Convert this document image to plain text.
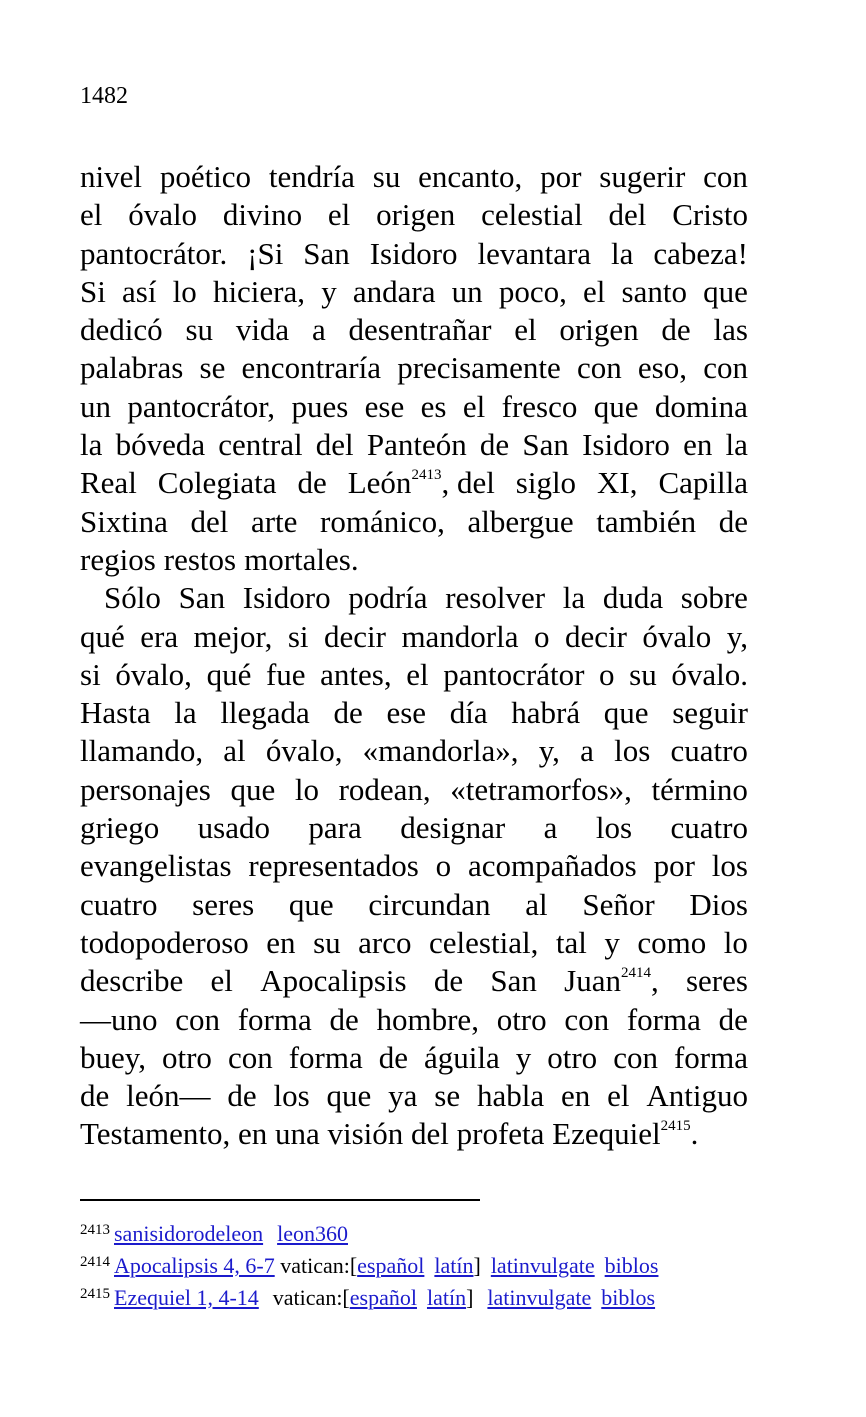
1482
nivel poético tendría su encanto, por sugerir con
el óvalo divino el origen celestial del Cristo
pantocrátor. ¡Si San Isidoro levantara la cabeza!
Si así lo hiciera, y andara un poco, el santo que
dedicó su vida a desentrañar el origen de las
palabras se encontraría precisamente con eso, con
un pantocrátor, pues ese es el fresco que domina
la bóveda central del Panteón de San Isidoro en la
Real Colegiata de León$^{2413}$, del siglo XI, Capilla
Sixtina del arte románico, albergue también de
regios restos mortales.
Sólo San Isidoro podría resolver la duda sobre
qué era mejor, si decir mandorla o decir óvalo y,
si óvalo, qué fue antes, el pantocrátor o su óvalo.
Hasta la llegada de ese día habrá que seguir
llamando, al óvalo, «mandorla», y, a los cuatro
personajes que lo rodean, «tetramorfos», término
griego usado para designar a los cuatro
evangelistas representados o acompañados por los
cuatro seres que circundan al Señor Dios
todopoderoso en su arco celestial, tal y como lo
describe el Apocalipsis de San Juan$^{2414}$, seres
—uno con forma de hombre, otro con forma de
buey, otro con forma de águila y otro con forma
de león— de los que ya se habla en el Antiguo
Testamento, en una visión del profeta Ezequiel$^{2415}$.
$^{2413}$ sanisidorodeleon leon360
$^{2414}$ Apocalipsis 4, 6-7 vatican:[español latín] latinvulgate biblos
$^{2415}$ Ezequiel 1, 4-14 vatican:[español latín] latinvulgate biblos
